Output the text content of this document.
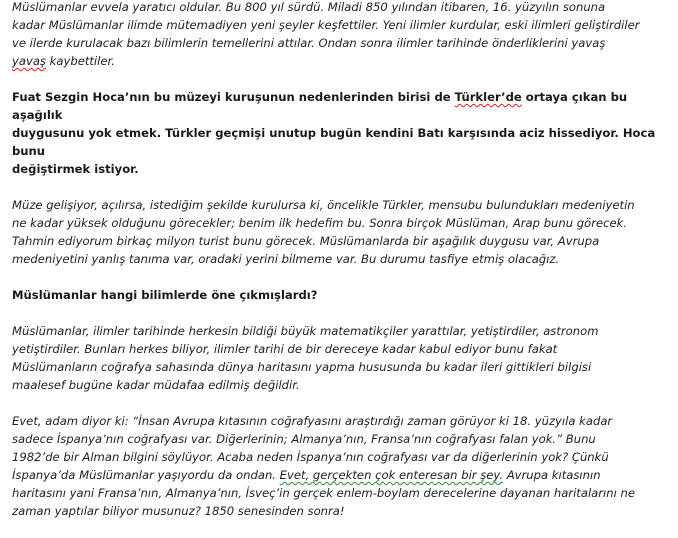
Müslümanlar evvela yaratıcı oldular. Bu 800 yıl sürdü. Miladi 850 yılından itibaren, 16. yüzyılın sonuna
kadar Müslümanlar ilimde mütemadiyen yeni şeyler keşfettiler. Yeni ilimler kurdular, eski ilimleri geliştirdiler
ve ilerde kurulacak bazı bilimlerin temellerini attılar. Ondan sonra ilimler tarihinde önderliklerini yavaş
yavaş kaybettiler.

Fuat Sezgin Hoca’nın bu müzeyi kuruşunun nedenlerinden birisi de Türkler’de ortaya çıkan bu aşağılık
duygusunu yok etmek. Türkler geçmişi unutup bugün kendini Batı karşısında aciz hissediyor. Hoca bunu
değiştirmek istiyor.

Müze gelişiyor, açılırsa, istediğim şekilde kurulursa ki, öncelikle Türkler, mensubu bulundukları medeniyetin
ne kadar yüksek olduğunu görecekler; benim ilk hedefim bu. Sonra birçok Müslüman, Arap bunu görecek.
Tahmin ediyorum birkaç milyon turist bunu görecek. Müslümanlarda bir aşağılık duygusu var, Avrupa
medeniyetini yanlış tanıma var, oradaki yerini bilmeme var. Bu durumu tasfiye etmiş olacağız.

Müslümanlar hangi bilimlerde öne çıkmışlardı?

Müslümanlar, ilimler tarihinde herkesin bildiği büyük matematikçiler yarattılar, yetiştirdiler, astronom
yetiştirdiler. Bunları herkes biliyor, ilimler tarihi de bir dereceye kadar kabul ediyor bunu fakat
Müslümanların coğrafya sahasında dünya haritasını yapma hususunda bu kadar ileri gittikleri bilgisi
maalesef bugüne kadar müdafaa edilmiş değildir.

Evet, adam diyor ki: “İnsan Avrupa kıtasının coğrafyasını araştırdığı zaman görüyor ki 18. yüzyıla kadar
sadece İspanya’nın coğrafyası var. Diğerlerinin; Almanya’nın, Fransa’nın coğrafyası falan yok.” Bunu
1982’de bir Alman bilgini söylüyor. Acaba neden İspanya’nın coğrafyası var da diğerlerinin yok? Çünkü
İspanya’da Müslümanlar yaşıyordu da ondan. Evet, gerçekten çok enteresan bir şey. Avrupa kıtasının
haritasını yani Fransa’nın, Almanya’nın, İsveç’in gerçek enlem-boylam derecelerine dayanan haritalarını ne
zaman yaptılar biliyor musunuz? 1850 senesinden sonra!
